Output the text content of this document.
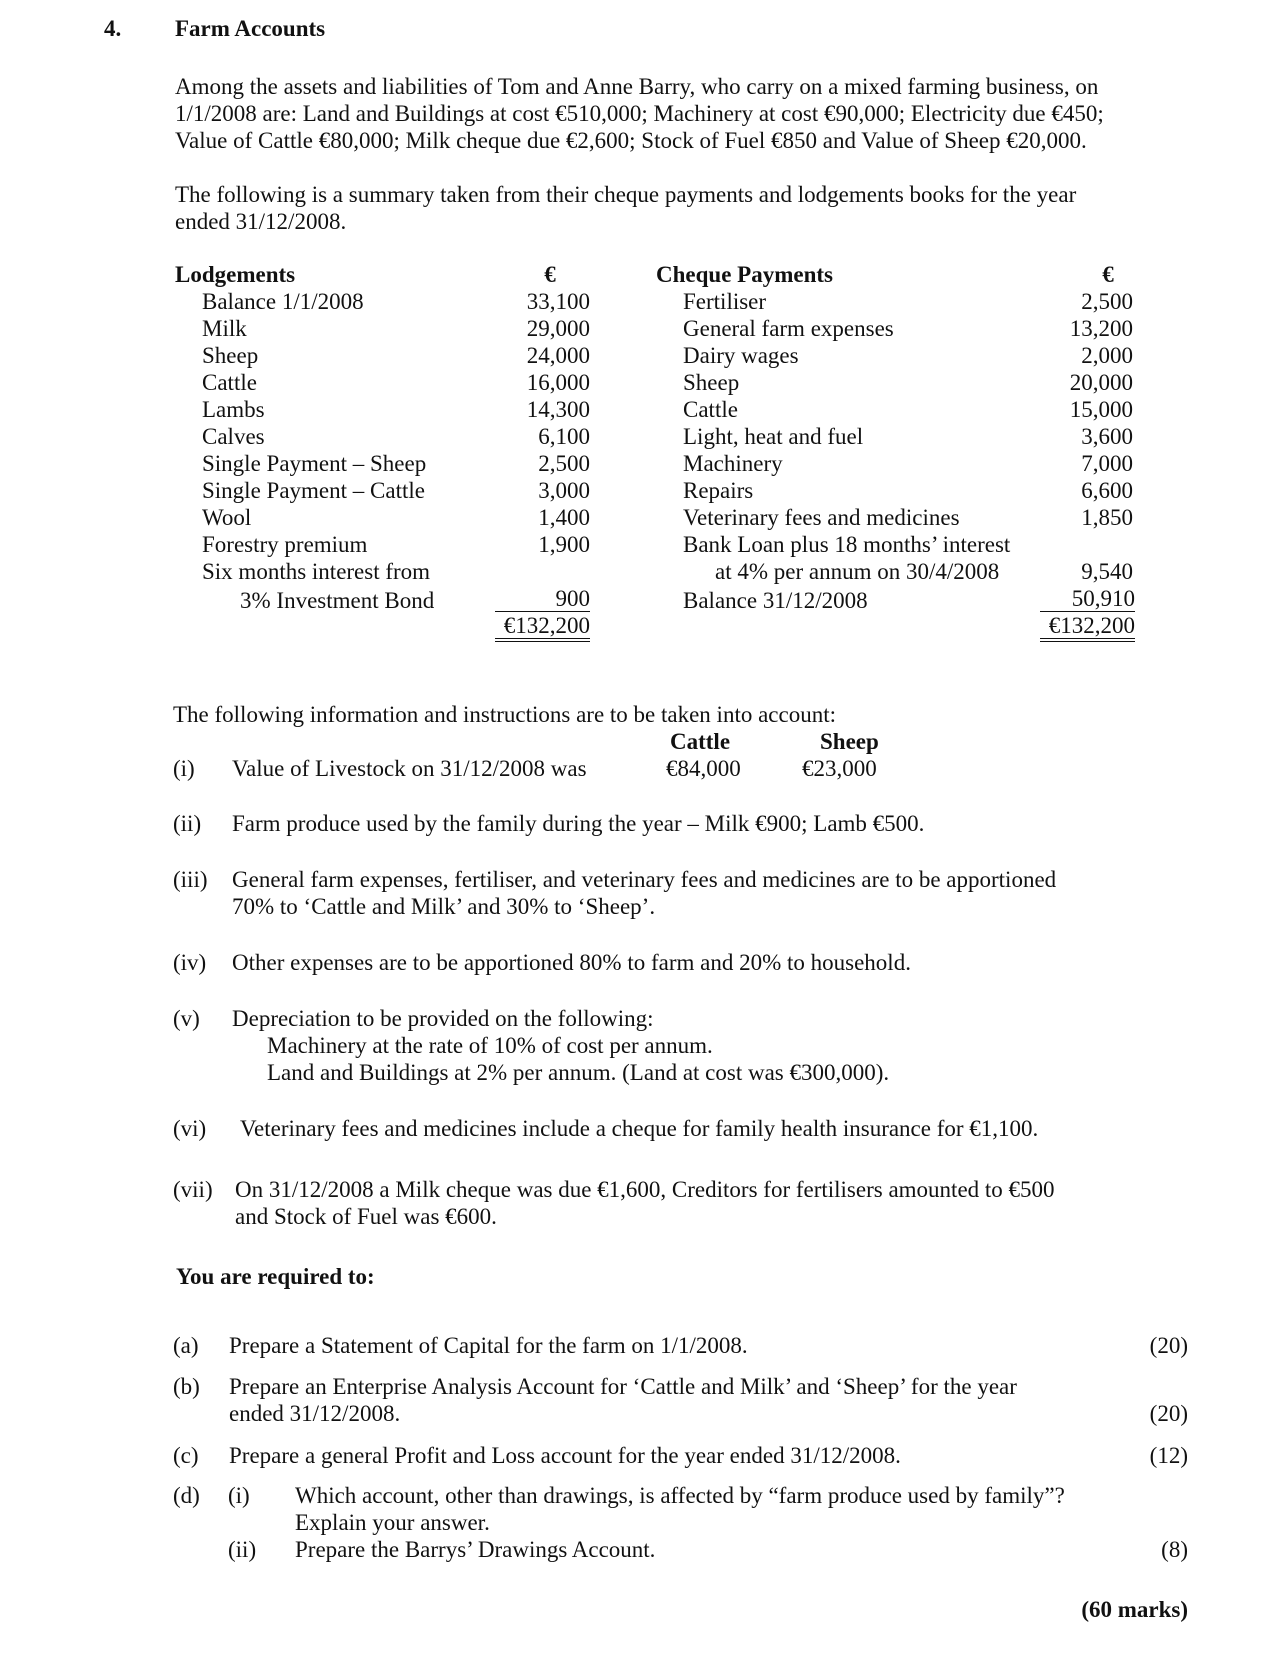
4. Farm Accounts
Among the assets and liabilities of Tom and Anne Barry, who carry on a mixed farming business, on
1/1/2008 are: Land and Buildings at cost €510,000; Machinery at cost €90,000; Electricity due €450;
Value of Cattle €80,000; Milk cheque due €2,600; Stock of Fuel €850 and Value of Sheep €20,000.
The following is a summary taken from their cheque payments and lodgements books for the year
ended 31/12/2008.
Lodgements	€
Balance 1/1/2008	33,100
Milk	29,000
Sheep	24,000
Cattle	16,000
Lambs	14,300
Calves	6,100
Single Payment – Sheep	2,500
Single Payment – Cattle	3,000
Wool	1,400
Forestry premium	1,900
Six months interest from
3% Investment Bond	900
€132,200
Cheque Payments	€
Fertiliser	2,500
General farm expenses	13,200
Dairy wages	2,000
Sheep	20,000
Cattle	15,000
Light, heat and fuel	3,600
Machinery	7,000
Repairs	6,600
Veterinary fees and medicines	1,850
Bank Loan plus 18 months’ interest
at 4% per annum on 30/4/2008	9,540
Balance 31/12/2008	50,910
€132,200
The following information and instructions are to be taken into account:
Cattle	Sheep
(i) Value of Livestock on 31/12/2008 was	€84,000	€23,000
(ii) Farm produce used by the family during the year – Milk €900; Lamb €500.
(iii) General farm expenses, fertiliser, and veterinary fees and medicines are to be apportioned
70% to ‘Cattle and Milk’ and 30% to ‘Sheep’.
(iv) Other expenses are to be apportioned 80% to farm and 20% to household.
(v) Depreciation to be provided on the following:
Machinery at the rate of 10% of cost per annum.
Land and Buildings at 2% per annum. (Land at cost was €300,000).
(vi) Veterinary fees and medicines include a cheque for family health insurance for €1,100.
(vii) On 31/12/2008 a Milk cheque was due €1,600, Creditors for fertilisers amounted to €500
and Stock of Fuel was €600.
You are required to:
(a) Prepare a Statement of Capital for the farm on 1/1/2008.	(20)
(b) Prepare an Enterprise Analysis Account for ‘Cattle and Milk’ and ‘Sheep’ for the year
ended 31/12/2008.	(20)
(c) Prepare a general Profit and Loss account for the year ended 31/12/2008.	(12)
(d) (i) Which account, other than drawings, is affected by “farm produce used by family”?
Explain your answer.
(ii) Prepare the Barrys’ Drawings Account.	(8)
(60 marks)
